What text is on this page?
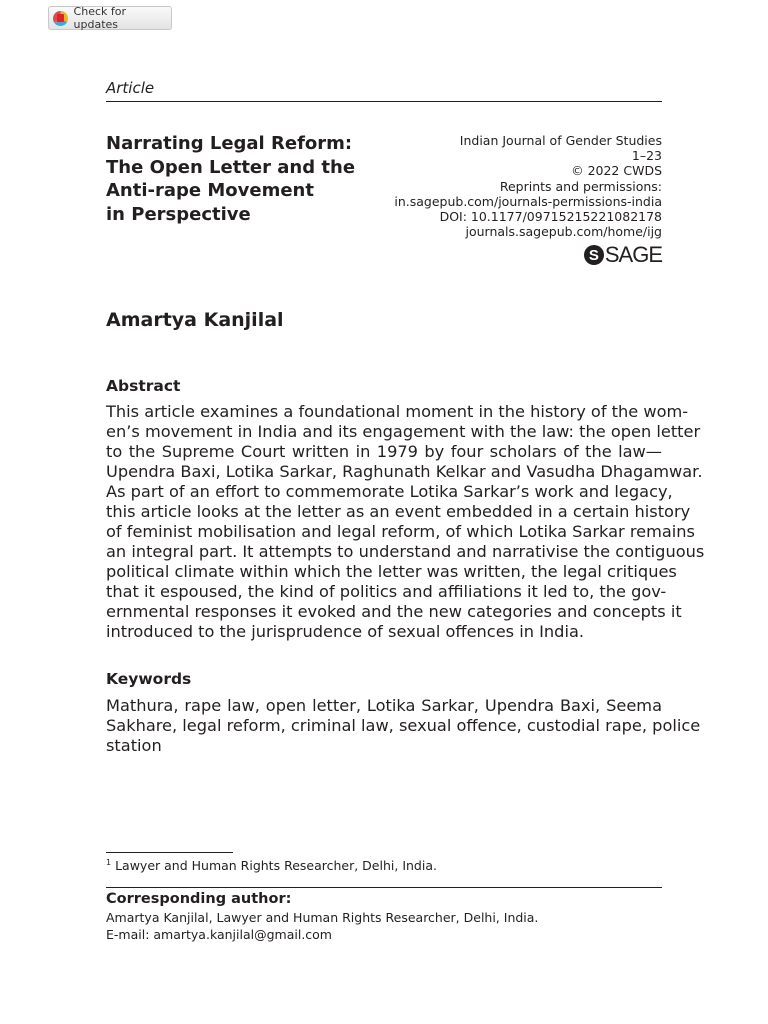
Check for updates
Article
Narrating Legal Reform:
The Open Letter and the
Anti-rape Movement
in Perspective
Indian Journal of Gender Studies
1–23
© 2022 CWDS
Reprints and permissions:
in.sagepub.com/journals-permissions-india
DOI: 10.1177/09715215221082178
journals.sagepub.com/home/ijg
S SAGE
Amartya Kanjilal
Abstract
This article examines a foundational moment in the history of the wom-
en’s movement in India and its engagement with the law: the open letter
to the Supreme Court written in 1979 by four scholars of the law—
Upendra Baxi, Lotika Sarkar, Raghunath Kelkar and Vasudha Dhagamwar.
As part of an effort to commemorate Lotika Sarkar’s work and legacy,
this article looks at the letter as an event embedded in a certain history
of feminist mobilisation and legal reform, of which Lotika Sarkar remains
an integral part. It attempts to understand and narrativise the contiguous
political climate within which the letter was written, the legal critiques
that it espoused, the kind of politics and affiliations it led to, the gov-
ernmental responses it evoked and the new categories and concepts it
introduced to the jurisprudence of sexual offences in India.
Keywords
Mathura, rape law, open letter, Lotika Sarkar, Upendra Baxi, Seema
Sakhare, legal reform, criminal law, sexual offence, custodial rape, police
station
$^1$ Lawyer and Human Rights Researcher, Delhi, India.
Corresponding author:
Amartya Kanjilal, Lawyer and Human Rights Researcher, Delhi, India.
E-mail: amartya.kanjilal@gmail.com
